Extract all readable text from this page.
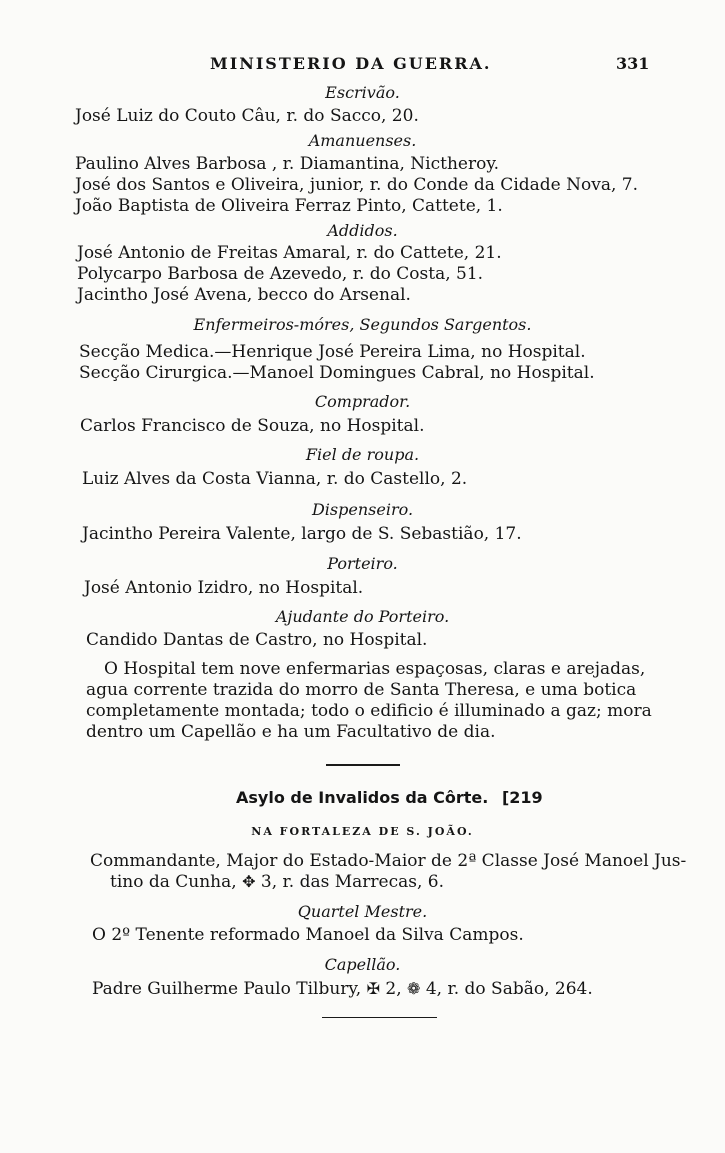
MINISTERIO DA GUERRA.	331
Escrivão.
José Luiz do Couto Câu, r. do Sacco, 20.
Amanuenses.
Paulino Alves Barbosa , r. Diamantina, Nictheroy.
José dos Santos e Oliveira, junior, r. do Conde da Cidade Nova, 7.
João Baptista de Oliveira Ferraz Pinto, Cattete, 1.
Addidos.
José Antonio de Freitas Amaral, r. do Cattete, 21.
Polycarpo Barbosa de Azevedo, r. do Costa, 51.
Jacintho José Avena, becco do Arsenal.
Enfermeiros-móres, Segundos Sargentos.
Secção Medica.—Henrique José Pereira Lima, no Hospital.
Secção Cirurgica.—Manoel Domingues Cabral, no Hospital.
Comprador.
Carlos Francisco de Souza, no Hospital.
Fiel de roupa.
Luiz Alves da Costa Vianna, r. do Castello, 2.
Dispenseiro.
Jacintho Pereira Valente, largo de S. Sebastião, 17.
Porteiro.
José Antonio Izidro, no Hospital.
Ajudante do Porteiro.
Candido Dantas de Castro, no Hospital.
O Hospital tem nove enfermarias espaçosas, claras e arejadas,
agua corrente trazida do morro de Santa Theresa, e uma botica
completamente montada; todo o edificio é illuminado a gaz; mora
dentro um Capellão e ha um Facultativo de dia.
Asylo de Invalidos da Côrte. [219
NA FORTALEZA DE S. JOÃO.
Commandante, Major do Estado-Maior de 2ª Classe José Manoel Jus-
tino da Cunha, ✥ 3, r. das Marrecas, 6.
Quartel Mestre.
O 2º Tenente reformado Manoel da Silva Campos.
Capellão.
Padre Guilherme Paulo Tilbury, ✠ 2, ❁ 4, r. do Sabão, 264.
